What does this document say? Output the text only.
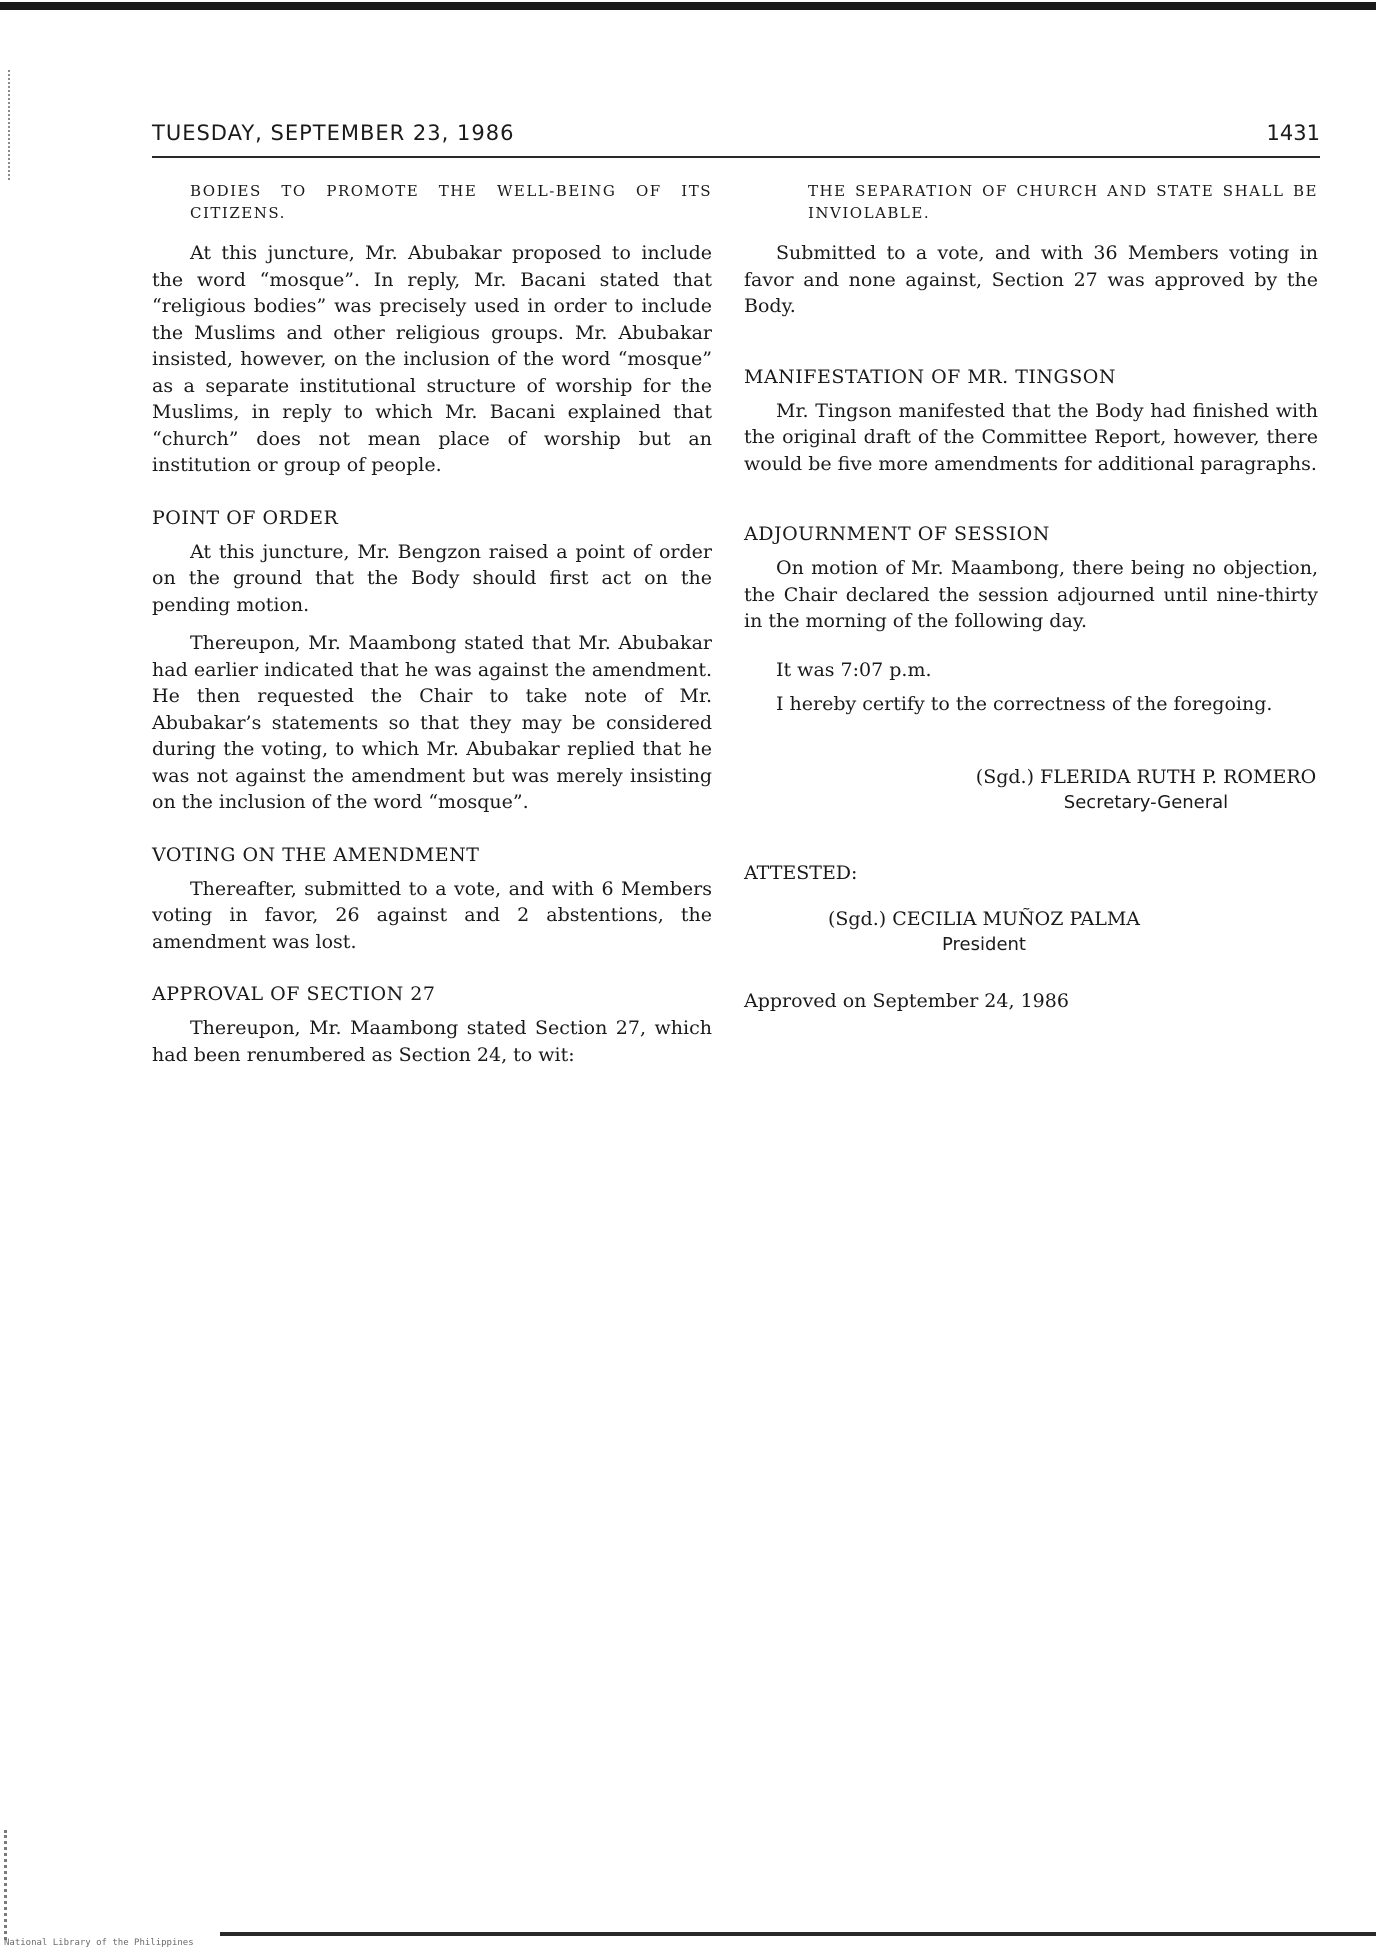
TUESDAY, SEPTEMBER 23, 1986	1431
BODIES TO PROMOTE THE WELL-BEING OF ITS CITIZENS.

At this juncture, Mr. Abubakar proposed to include the word “mosque”. In reply, Mr. Bacani stated that “religious bodies” was precisely used in order to include the Muslims and other religious groups. Mr. Abubakar insisted, however, on the inclusion of the word “mosque” as a separate institutional structure of worship for the Muslims, in reply to which Mr. Bacani explained that “church” does not mean place of worship but an institution or group of people.

POINT OF ORDER

At this juncture, Mr. Bengzon raised a point of order on the ground that the Body should first act on the pending motion.

Thereupon, Mr. Maambong stated that Mr. Abubakar had earlier indicated that he was against the amendment. He then requested the Chair to take note of Mr. Abubakar’s statements so that they may be considered during the voting, to which Mr. Abubakar replied that he was not against the amendment but was merely insisting on the inclusion of the word “mosque”.

VOTING ON THE AMENDMENT

Thereafter, submitted to a vote, and with 6 Members voting in favor, 26 against and 2 abstentions, the amendment was lost.

APPROVAL OF SECTION 27

Thereupon, Mr. Maambong stated Section 27, which had been renumbered as Section 24, to wit:

THE SEPARATION OF CHURCH AND STATE SHALL BE INVIOLABLE.

Submitted to a vote, and with 36 Members voting in favor and none against, Section 27 was approved by the Body.

MANIFESTATION OF MR. TINGSON

Mr. Tingson manifested that the Body had finished with the original draft of the Committee Report, however, there would be five more amendments for additional paragraphs.

ADJOURNMENT OF SESSION

On motion of Mr. Maambong, there being no objection, the Chair declared the session adjourned until nine-thirty in the morning of the following day.

It was 7:07 p.m.

I hereby certify to the correctness of the foregoing.

(Sgd.) FLERIDA RUTH P. ROMERO
Secretary-General
ATTESTED:
(Sgd.) CECILIA MUÑOZ PALMA
President
Approved on September 24, 1986
National Library of the Philippines
